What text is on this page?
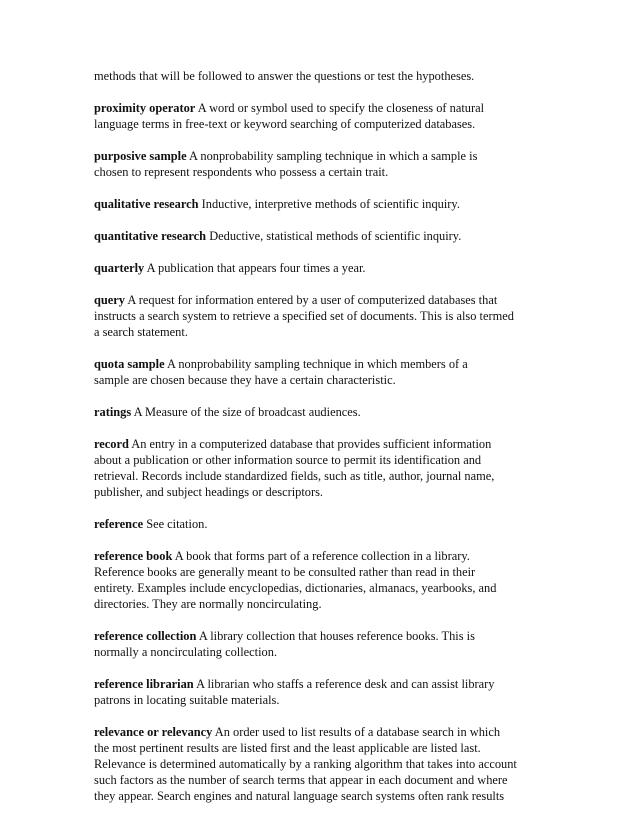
methods that will be followed to answer the questions or test the hypotheses.
proximity operator A word or symbol used to specify the closeness of natural
language terms in free-text or keyword searching of computerized databases.
purposive sample A nonprobability sampling technique in which a sample is
chosen to represent respondents who possess a certain trait.
qualitative research Inductive, interpretive methods of scientific inquiry.
quantitative research Deductive, statistical methods of scientific inquiry.
quarterly A publication that appears four times a year.
query A request for information entered by a user of computerized databases that
instructs a search system to retrieve a specified set of documents. This is also termed
a search statement.
quota sample A nonprobability sampling technique in which members of a
sample are chosen because they have a certain characteristic.
ratings A Measure of the size of broadcast audiences.
record An entry in a computerized database that provides sufficient information
about a publication or other information source to permit its identification and
retrieval. Records include standardized fields, such as title, author, journal name,
publisher, and subject headings or descriptors.
reference See citation.
reference book A book that forms part of a reference collection in a library.
Reference books are generally meant to be consulted rather than read in their
entirety. Examples include encyclopedias, dictionaries, almanacs, yearbooks, and
directories. They are normally noncirculating.
reference collection A library collection that houses reference books. This is
normally a noncirculating collection.
reference librarian A librarian who staffs a reference desk and can assist library
patrons in locating suitable materials.
relevance or relevancy An order used to list results of a database search in which
the most pertinent results are listed first and the least applicable are listed last.
Relevance is determined automatically by a ranking algorithm that takes into account
such factors as the number of search terms that appear in each document and where
they appear. Search engines and natural language search systems often rank results
